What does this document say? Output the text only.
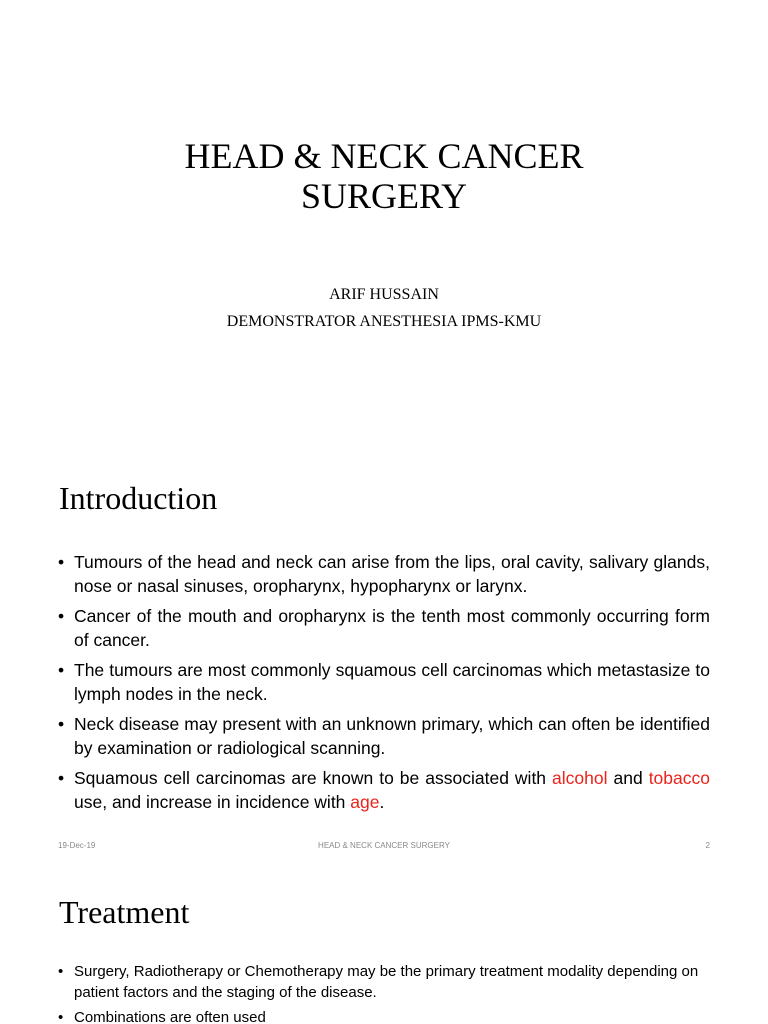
HEAD & NECK CANCER
SURGERY
ARIF HUSSAIN
DEMONSTRATOR ANESTHESIA IPMS-KMU
Introduction
• Tumours of the head and neck can arise from the lips, oral cavity, salivary glands, nose or nasal sinuses, oropharynx, hypopharynx or larynx.
• Cancer of the mouth and oropharynx is the tenth most commonly occurring form of cancer.
• The tumours are most commonly squamous cell carcinomas which metastasize to lymph nodes in the neck.
• Neck disease may present with an unknown primary, which can often be identified by examination or radiological scanning.
• Squamous cell carcinomas are known to be associated with alcohol and tobacco use, and increase in incidence with age.
19-Dec-19	HEAD & NECK CANCER SURGERY	2
Treatment
• Surgery, Radiotherapy or Chemotherapy may be the primary treatment modality depending on patient factors and the staging of the disease.
• Combinations are often used
